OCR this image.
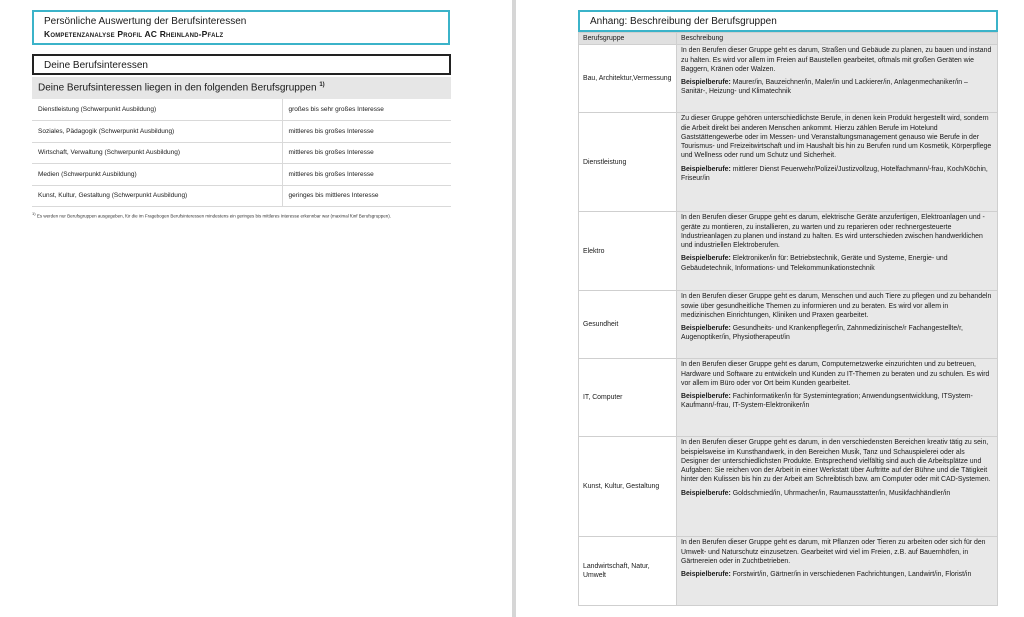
Persönliche Auswertung der Berufsinteressen
Kompetenzanalyse Profil AC Rheinland-Pfalz
Deine Berufsinteressen
Deine Berufsinteressen liegen in den folgenden Berufsgruppen $^{1)}$
Dienstleistung (Schwerpunkt Ausbildung)	großes bis sehr großes Interesse
Soziales, Pädagogik (Schwerpunkt Ausbildung)	mittleres bis großes Interesse
Wirtschaft, Verwaltung (Schwerpunkt Ausbildung)	mittleres bis großes Interesse
Medien (Schwerpunkt Ausbildung)	mittleres bis großes Interesse
Kunst, Kultur, Gestaltung (Schwerpunkt Ausbildung)	geringes bis mittleres Interesse
$^{1)}$ Es werden nur Berufsgruppen ausgegeben, für die im Fragebogen Berufsinteressen mindestens ein geringes bis mittleres Interesse erkennbar war (maximal fünf Berufsgruppen).
Anhang: Beschreibung der Berufsgruppen
Berufsgruppe	Beschreibung
Bau, Architektur,Vermessung	In den Berufen dieser Gruppe geht es darum, Straßen und Gebäude zu planen, zu bauen und instand zu halten. Es wird vor allem im Freien auf Baustellen gearbeitet, oftmals mit großen Geräten wie Baggern, Kränen oder Walzen.

Beispielberufe: Maurer/in, Bauzeichner/in, Maler/in und Lackierer/in, Anlagenmechaniker/in – Sanitär-, Heizung- und Klimatechnik

Dienstleistung	Zu dieser Gruppe gehören unterschiedlichste Berufe, in denen kein Produkt hergestellt wird, sondern die Arbeit direkt bei anderen Menschen ankommt. Hierzu zählen Berufe im Hotelund Gaststättengewerbe oder im Messen- und Veranstaltungsmanagement genauso wie Berufe in der Tourismus- und Freizeitwirtschaft und im Haushalt bis hin zu Berufen rund um Kosmetik, Körperpflege und Wellness oder rund um Schutz und Sicherheit.

Beispielberufe: mittlerer Dienst Feuerwehr/Polizei/Justizvollzug, Hotelfachmann/-frau, Koch/Köchin, Friseur/in

Elektro	In den Berufen dieser Gruppe geht es darum, elektrische Geräte anzufertigen, Elektroanlagen und -geräte zu montieren, zu installieren, zu warten und zu reparieren oder rechnergesteuerte Industrieanlagen zu planen und instand zu halten. Es wird unterschieden zwischen handwerklichen und industriellen Elektroberufen.

Beispielberufe: Elektroniker/in für: Betriebstechnik, Geräte und Systeme, Energie- und Gebäudetechnik, Informations- und Telekommunikationstechnik

Gesundheit	In den Berufen dieser Gruppe geht es darum, Menschen und auch Tiere zu pflegen und zu behandeln sowie über gesundheitliche Themen zu informieren und zu beraten. Es wird vor allem in medizinischen Einrichtungen, Kliniken und Praxen gearbeitet.

Beispielberufe: Gesundheits- und Krankenpfleger/in, Zahnmedizinische/r Fachangestellte/r, Augenoptiker/in, Physiotherapeut/in

IT, Computer	In den Berufen dieser Gruppe geht es darum, Computernetzwerke einzurichten und zu betreuen, Hardware und Software zu entwickeln und Kunden zu IT-Themen zu beraten und zu schulen. Es wird vor allem im Büro oder vor Ort beim Kunden gearbeitet.

Beispielberufe: Fachinformatiker/in für Systemintegration; Anwendungsentwicklung, ITSystem-Kaufmann/-frau, IT-System-Elektroniker/in

Kunst, Kultur, Gestaltung	In den Berufen dieser Gruppe geht es darum, in den verschiedensten Bereichen kreativ tätig zu sein, beispielsweise im Kunsthandwerk, in den Bereichen Musik, Tanz und Schauspielerei oder als Designer der unterschiedlichsten Produkte. Entsprechend vielfältig sind auch die Arbeitsplätze und Aufgaben: Sie reichen von der Arbeit in einer Werkstatt über Auftritte auf der Bühne und die Tätigkeit hinter den Kulissen bis hin zu der Arbeit am Schreibtisch bzw. am Computer oder mit CAD-Systemen.

Beispielberufe: Goldschmied/in, Uhrmacher/in, Raumausstatter/in, Musikfachhändler/in

Landwirtschaft, Natur, Umwelt	In den Berufen dieser Gruppe geht es darum, mit Pflanzen oder Tieren zu arbeiten oder sich für den Umwelt- und Naturschutz einzusetzen. Gearbeitet wird viel im Freien, z.B. auf Bauernhöfen, in Gärtnereien oder in Zuchtbetrieben.

Beispielberufe: Forstwirt/in, Gärtner/in in verschiedenen Fachrichtungen, Landwirt/in, Florist/in
